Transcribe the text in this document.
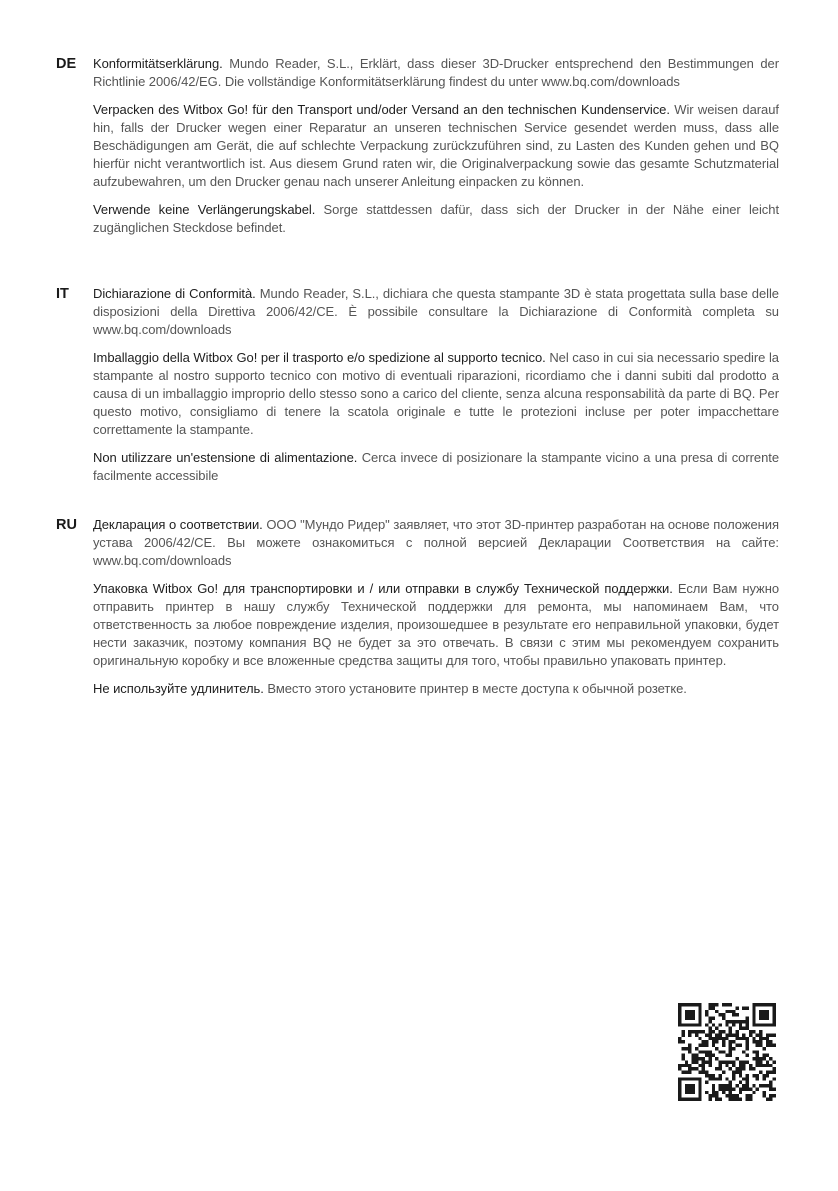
DE Konformitätserklärung. Mundo Reader, S.L., Erklärt, dass dieser 3D-Drucker entsprechend den Bestimmungen der Richtlinie 2006/42/EG. Die vollständige Konformitätserklärung findest du unter www.bq.com/downloads

Verpacken des Witbox Go! für den Transport und/oder Versand an den technischen Kundenservice. Wir weisen darauf hin, falls der Drucker wegen einer Reparatur an unseren technischen Service gesendet werden muss, dass alle Beschädigungen am Gerät, die auf schlechte Verpackung zurückzuführen sind, zu Lasten des Kunden gehen und BQ hierfür nicht verantwortlich ist. Aus diesem Grund raten wir, die Originalverpackung sowie das gesamte Schutzmaterial aufzubewahren, um den Drucker genau nach unserer Anleitung einpacken zu können.

Verwende keine Verlängerungskabel. Sorge stattdessen dafür, dass sich der Drucker in der Nähe einer leicht zugänglichen Steckdose befindet.

IT Dichiarazione di Conformità. Mundo Reader, S.L., dichiara che questa stampante 3D è stata progettata sulla base delle disposizioni della Direttiva 2006/42/CE. È possibile consultare la Dichiarazione di Conformità completa su www.bq.com/downloads

Imballaggio della Witbox Go! per il trasporto e/o spedizione al supporto tecnico. Nel caso in cui sia necessario spedire la stampante al nostro supporto tecnico con motivo di eventuali riparazioni, ricordiamo che i danni subiti dal prodotto a causa di un imballaggio improprio dello stesso sono a carico del cliente, senza alcuna responsabilità da parte di BQ. Per questo motivo, consigliamo di tenere la scatola originale e tutte le protezioni incluse per poter impacchettare correttamente la stampante.

Non utilizzare un'estensione di alimentazione. Cerca invece di posizionare la stampante vicino a una presa di corrente facilmente accessibile

RU Декларация о соответствии. ООО "Мундо Ридер" заявляет, что этот 3D-принтер разработан на основе положения устава 2006/42/CE. Вы можете ознакомиться с полной версией Декларации Соответствия на сайте: www.bq.com/downloads

Упаковка Witbox Go! для транспортировки и / или отправки в службу Технической поддержки. Если Вам нужно отправить принтер в нашу службу Технической поддержки для ремонта, мы напоминаем Вам, что ответственность за любое повреждение изделия, произошедшее в результате его неправильной упаковки, будет нести заказчик, поэтому компания BQ не будет за это отвечать. В связи с этим мы рекомендуем сохранить оригинальную коробку и все вложенные средства защиты для того, чтобы правильно упаковать принтер.

Не используйте удлинитель. Вместо этого установите принтер в месте доступа к обычной розетке.
